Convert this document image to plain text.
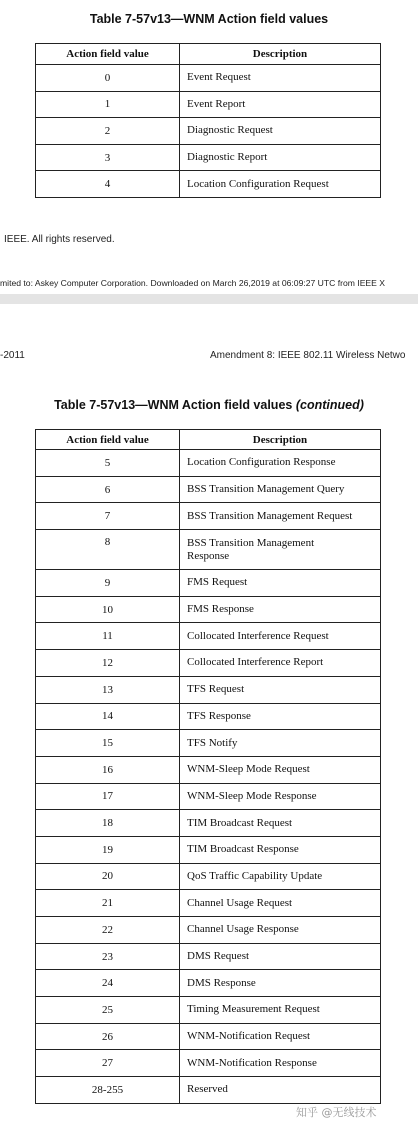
Table 7-57v13—WNM Action field values
Action field value	Description
0	Event Request
1	Event Report
2	Diagnostic Request
3	Diagnostic Report
4	Location Configuration Request
IEEE. All rights reserved.
mited to: Askey Computer Corporation. Downloaded on March 26,2019 at 06:09:27 UTC from IEEE X
-2011	Amendment 8: IEEE 802.11 Wireless Netwo
Table 7-57v13—WNM Action field values (continued)
Action field value	Description
5	Location Configuration Response
6	BSS Transition Management Query
7	BSS Transition Management Request
8	BSS Transition Management Response
9	FMS Request
10	FMS Response
11	Collocated Interference Request
12	Collocated Interference Report
13	TFS Request
14	TFS Response
15	TFS Notify
16	WNM-Sleep Mode Request
17	WNM-Sleep Mode Response
18	TIM Broadcast Request
19	TIM Broadcast Response
20	QoS Traffic Capability Update
21	Channel Usage Request
22	Channel Usage Response
23	DMS Request
24	DMS Response
25	Timing Measurement Request
26	WNM-Notification Request
27	WNM-Notification Response
28-255	Reserved
知乎 @无线技术
